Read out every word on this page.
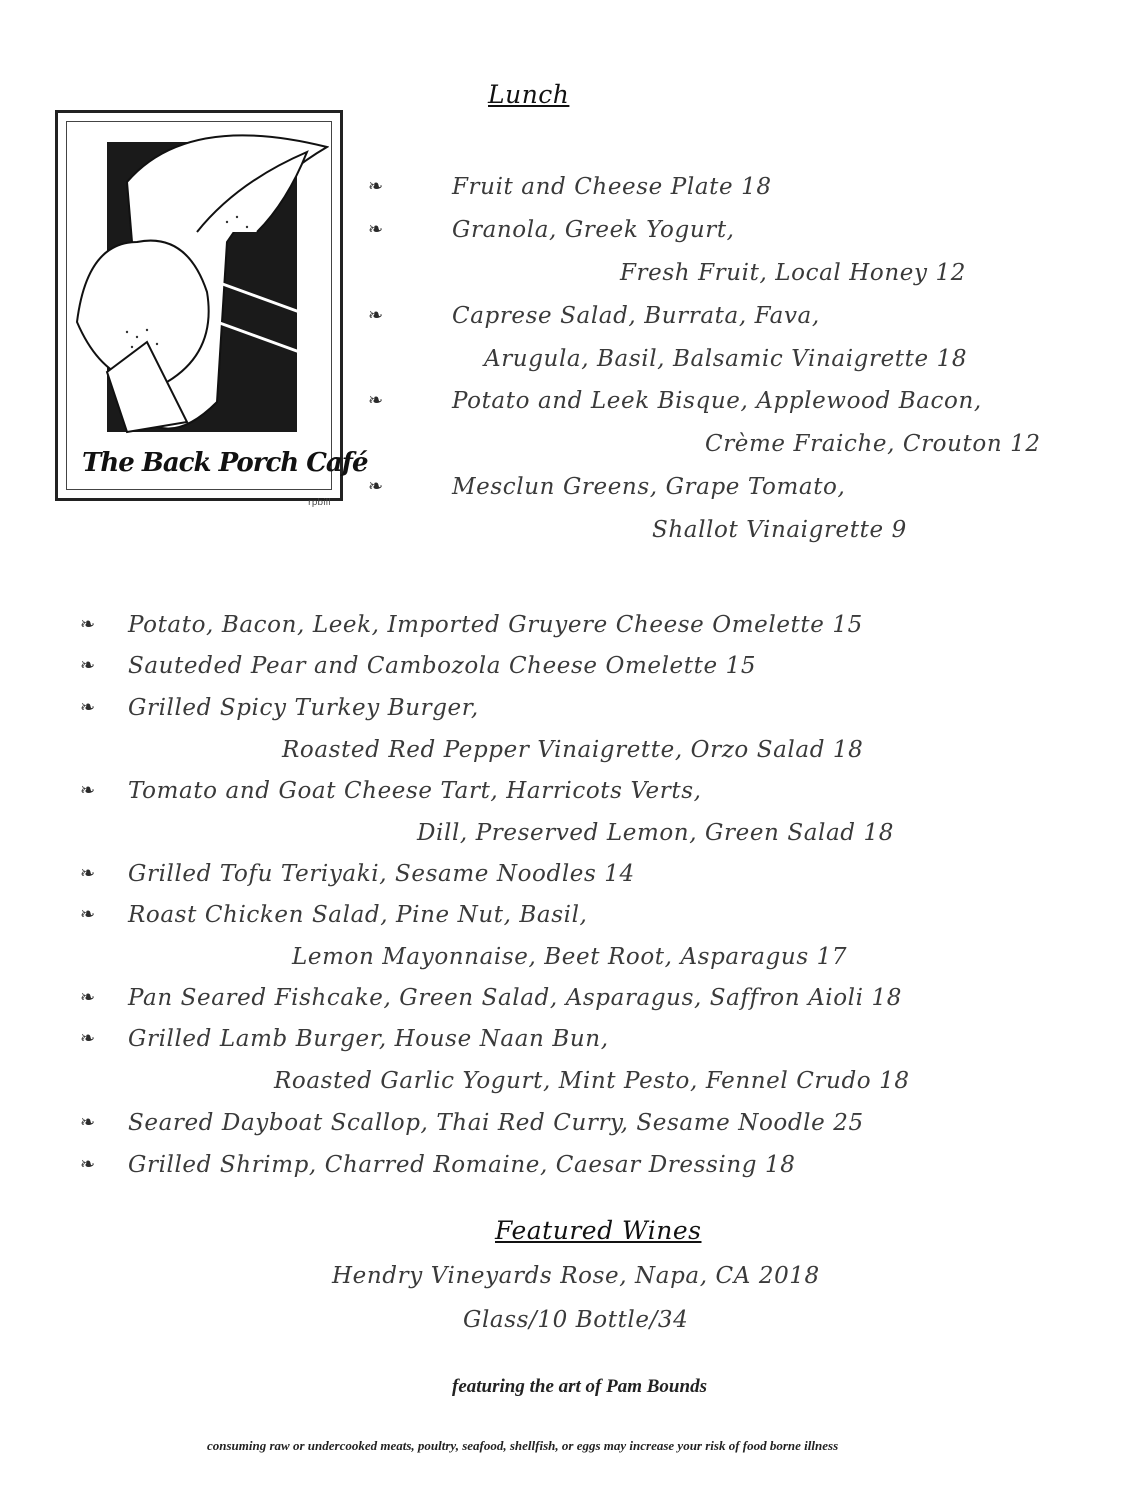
Lunch
The Back Porch Café
rpbill
❧	Fruit and Cheese Plate 18
❧	Granola, Greek Yogurt,
Fresh Fruit, Local Honey 12
❧	Caprese Salad, Burrata, Fava,
Arugula, Basil, Balsamic Vinaigrette 18
❧	Potato and Leek Bisque, Applewood Bacon,
Crème Fraiche, Crouton 12
❧	Mesclun Greens, Grape Tomato,
Shallot Vinaigrette 9
❧ Potato, Bacon, Leek, Imported Gruyere Cheese Omelette 15
❧ Sauteded Pear and Cambozola Cheese Omelette 15
❧ Grilled Spicy Turkey Burger,
Roasted Red Pepper Vinaigrette, Orzo Salad 18
❧ Tomato and Goat Cheese Tart, Harricots Verts,
Dill, Preserved Lemon, Green Salad 18
❧ Grilled Tofu Teriyaki, Sesame Noodles 14
❧ Roast Chicken Salad, Pine Nut, Basil,
Lemon Mayonnaise, Beet Root, Asparagus 17
❧ Pan Seared Fishcake, Green Salad, Asparagus, Saffron Aioli 18
❧ Grilled Lamb Burger, House Naan Bun,
Roasted Garlic Yogurt, Mint Pesto, Fennel Crudo 18
❧ Seared Dayboat Scallop, Thai Red Curry, Sesame Noodle 25
❧ Grilled Shrimp, Charred Romaine, Caesar Dressing 18
Featured Wines
Hendry Vineyards Rose, Napa, CA 2018
Glass/10 Bottle/34
featuring the art of Pam Bounds
consuming raw or undercooked meats, poultry, seafood, shellfish, or eggs may increase your risk of food borne illness
